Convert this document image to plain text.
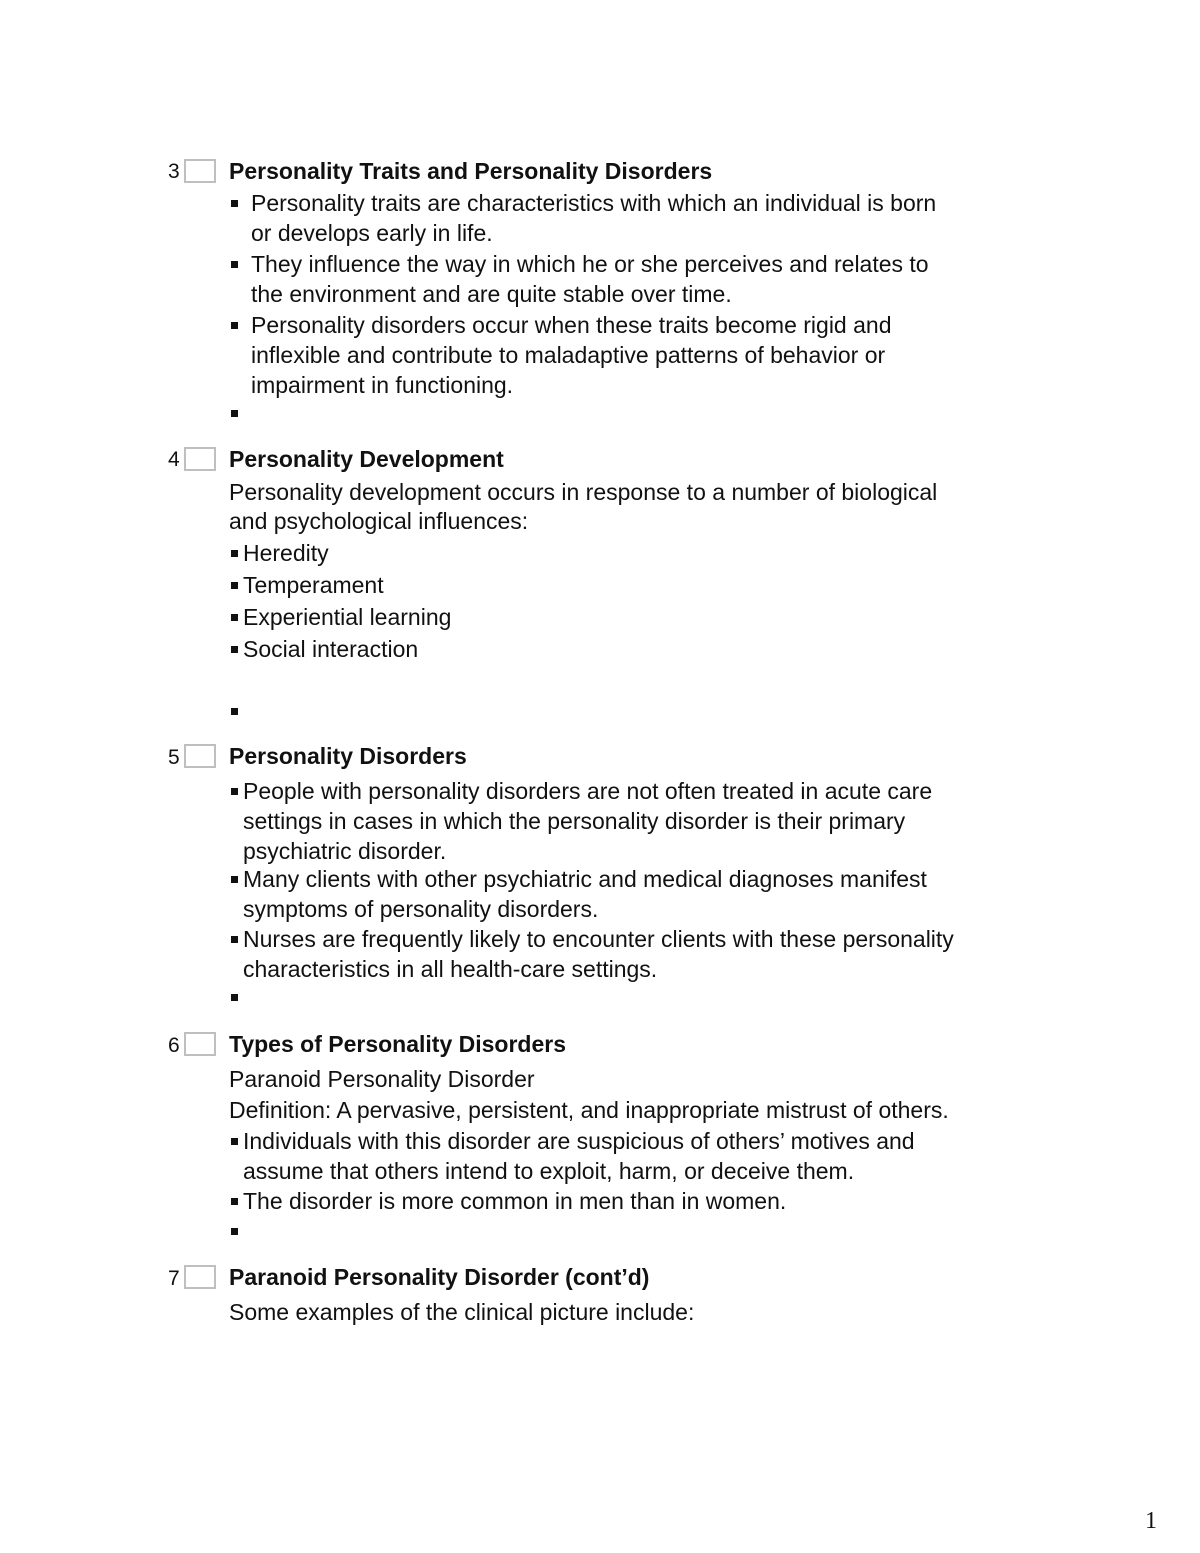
3 Personality Traits and Personality Disorders
Personality traits are characteristics with which an individual is born
or develops early in life.
They influence the way in which he or she perceives and relates to
the environment and are quite stable over time.
Personality disorders occur when these traits become rigid and
inflexible and contribute to maladaptive patterns of behavior or
impairment in functioning.
4 Personality Development
Personality development occurs in response to a number of biological
and psychological influences:
Heredity
Temperament
Experiential learning
Social interaction
5 Personality Disorders
People with personality disorders are not often treated in acute care
settings in cases in which the personality disorder is their primary
psychiatric disorder.
Many clients with other psychiatric and medical diagnoses manifest
symptoms of personality disorders.
Nurses are frequently likely to encounter clients with these personality
characteristics in all health-care settings.
6 Types of Personality Disorders
Paranoid Personality Disorder
Definition: A pervasive, persistent, and inappropriate mistrust of others.
Individuals with this disorder are suspicious of others’ motives and
assume that others intend to exploit, harm, or deceive them.
The disorder is more common in men than in women.
7 Paranoid Personality Disorder (cont’d)
Some examples of the clinical picture include:
1
